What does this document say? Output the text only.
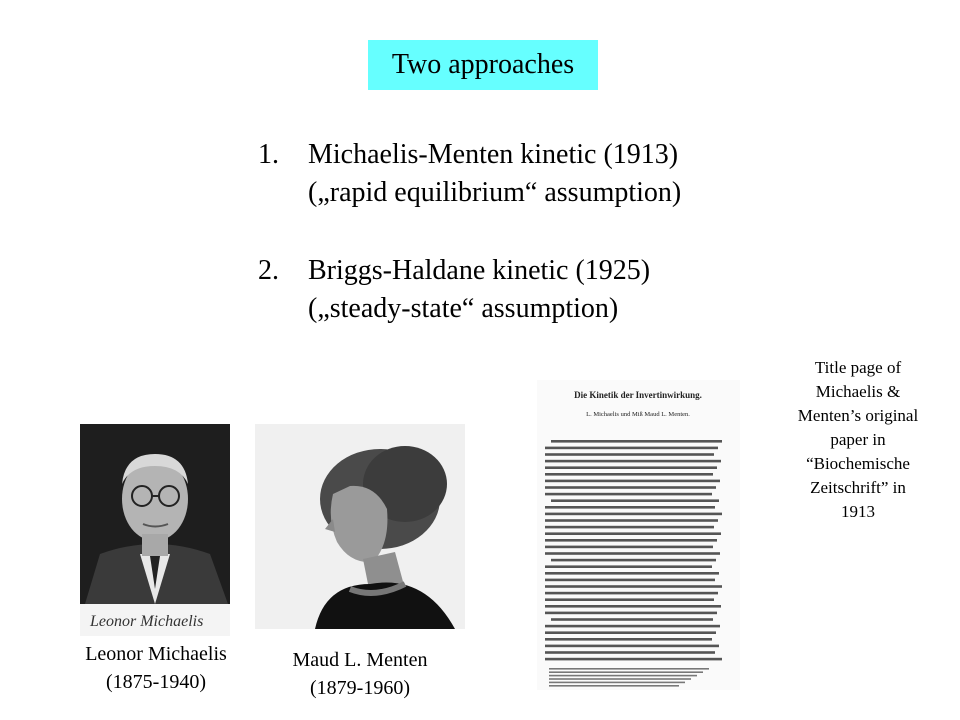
Two approaches
1.	Michaelis-Menten kinetic (1913)
(„rapid equilibrium“ assumption)
2.	Briggs-Haldane kinetic (1925)
(„steady-state“ assumption)
Leonor Michaelis
Die Kinetik der Invertinwirkung.
L. Michaelis und Miß Maud L. Menten.
Leonor Michaelis
(1875-1940)
Maud L. Menten
(1879-1960)
Title page of
Michaelis &
Menten’s original
paper in
“Biochemische
Zeitschrift” in
1913
